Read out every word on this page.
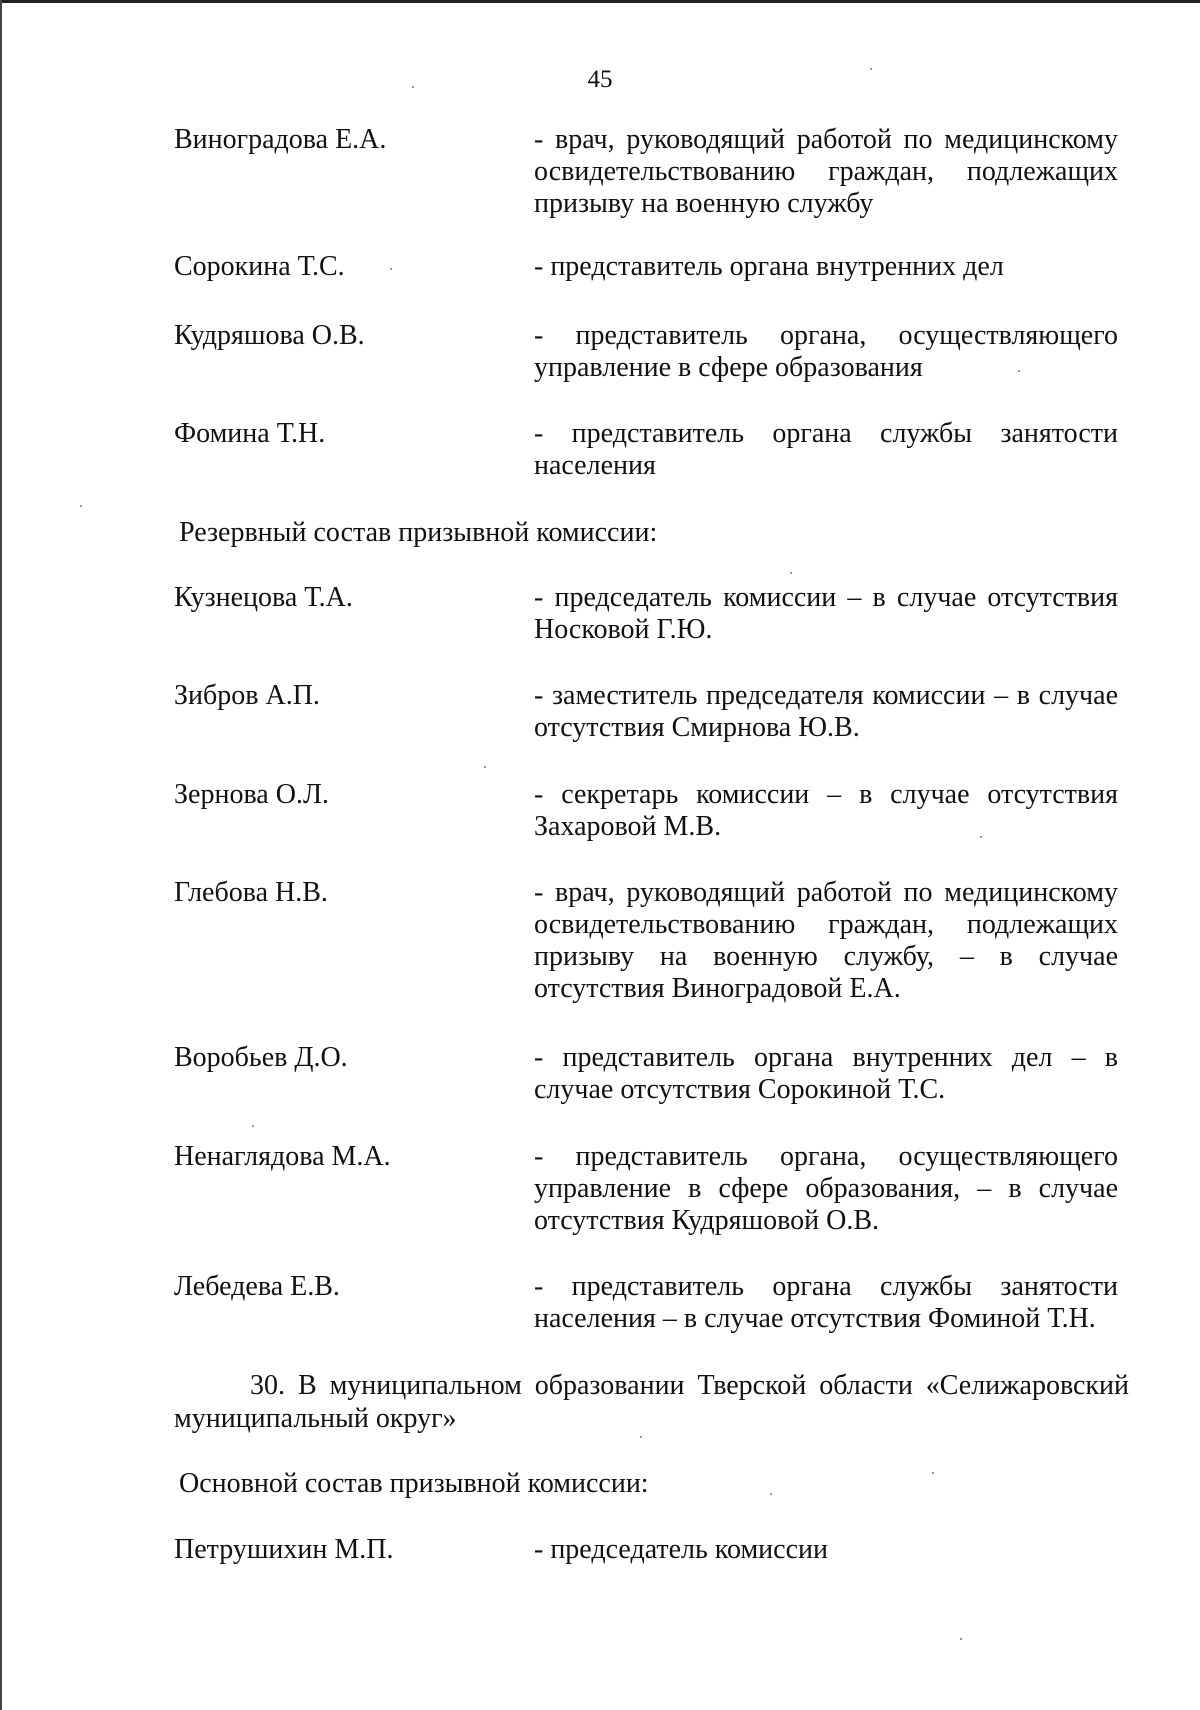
45
Виноградова Е.А.	- врач, руководящий работой по медицинскому освидетельствованию граждан, подлежащих призыву на военную службу
Сорокина Т.С.	- представитель органа внутренних дел
Кудряшова О.В.	- представитель органа, осуществляющего управление в сфере образования
Фомина Т.Н.	- представитель органа службы занятости населения
Резервный состав призывной комиссии:
Кузнецова Т.А.	- председатель комиссии – в случае отсутствия Носковой Г.Ю.
Зибров А.П.	- заместитель председателя комиссии – в случае отсутствия Смирнова Ю.В.
Зернова О.Л.	- секретарь комиссии – в случае отсутствия Захаровой М.В.
Глебова Н.В.	- врач, руководящий работой по медицинскому освидетельствованию граждан, подлежащих призыву на военную службу, – в случае отсутствия Виноградовой Е.А.
Воробьев Д.О.	- представитель органа внутренних дел – в случае отсутствия Сорокиной Т.С.
Ненаглядова М.А.	- представитель органа, осуществляющего управление в сфере образования, – в случае отсутствия Кудряшовой О.В.
Лебедева Е.В.	- представитель органа службы занятости населения – в случае отсутствия Фоминой Т.Н.
30. В муниципальном образовании Тверской области «Селижаровский муниципальный округ»
Основной состав призывной комиссии:
Петрушихин М.П.	- председатель комиссии
